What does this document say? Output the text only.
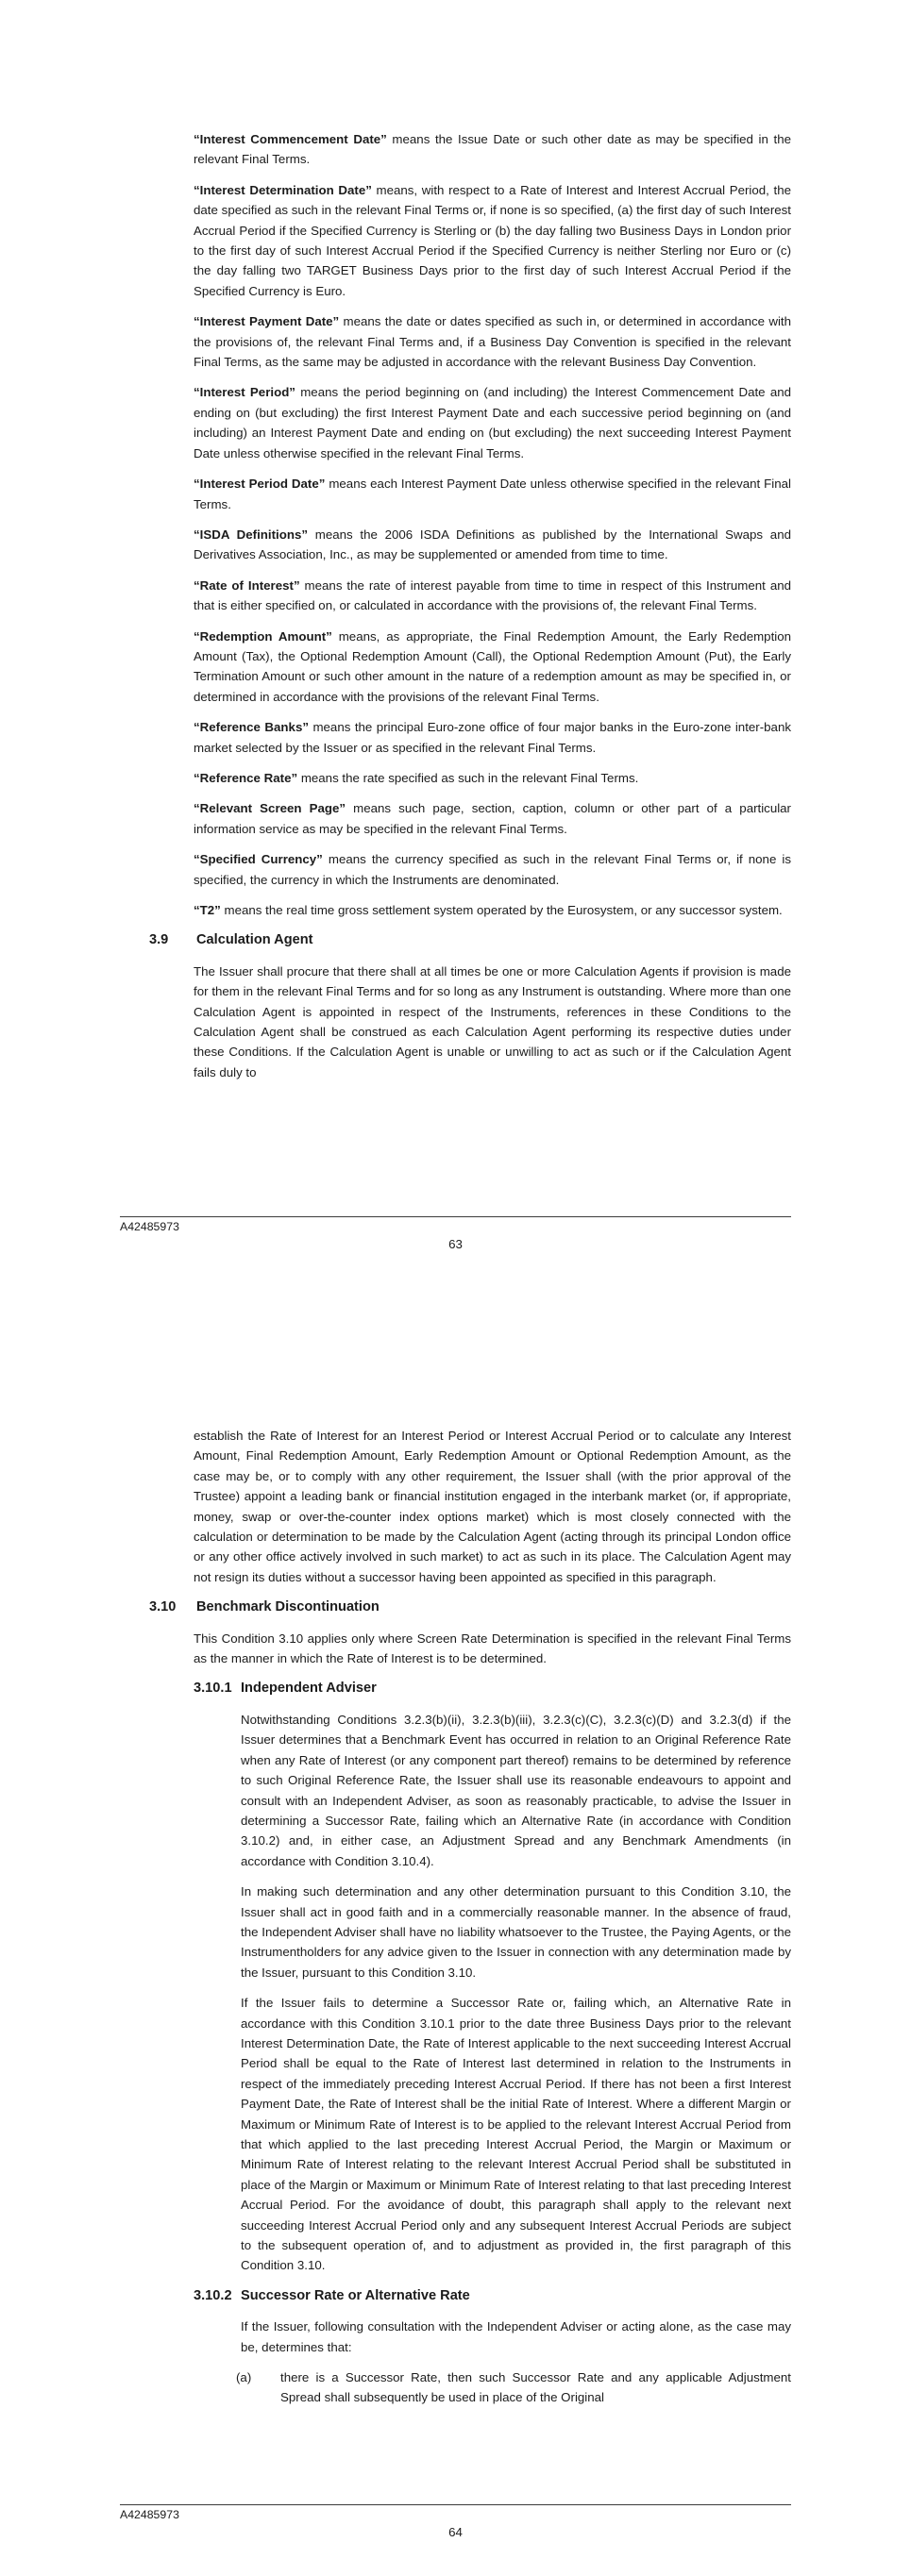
“Interest Commencement Date” means the Issue Date or such other date as may be specified in the relevant Final Terms.

“Interest Determination Date” means, with respect to a Rate of Interest and Interest Accrual Period, the date specified as such in the relevant Final Terms or, if none is so specified, (a) the first day of such Interest Accrual Period if the Specified Currency is Sterling or (b) the day falling two Business Days in London prior to the first day of such Interest Accrual Period if the Specified Currency is neither Sterling nor Euro or (c) the day falling two TARGET Business Days prior to the first day of such Interest Accrual Period if the Specified Currency is Euro.

“Interest Payment Date” means the date or dates specified as such in, or determined in accordance with the provisions of, the relevant Final Terms and, if a Business Day Convention is specified in the relevant Final Terms, as the same may be adjusted in accordance with the relevant Business Day Convention.

“Interest Period” means the period beginning on (and including) the Interest Commencement Date and ending on (but excluding) the first Interest Payment Date and each successive period beginning on (and including) an Interest Payment Date and ending on (but excluding) the next succeeding Interest Payment Date unless otherwise specified in the relevant Final Terms.

“Interest Period Date” means each Interest Payment Date unless otherwise specified in the relevant Final Terms.

“ISDA Definitions” means the 2006 ISDA Definitions as published by the International Swaps and Derivatives Association, Inc., as may be supplemented or amended from time to time.

“Rate of Interest” means the rate of interest payable from time to time in respect of this Instrument and that is either specified on, or calculated in accordance with the provisions of, the relevant Final Terms.

“Redemption Amount” means, as appropriate, the Final Redemption Amount, the Early Redemption Amount (Tax), the Optional Redemption Amount (Call), the Optional Redemption Amount (Put), the Early Termination Amount or such other amount in the nature of a redemption amount as may be specified in, or determined in accordance with the provisions of the relevant Final Terms.

“Reference Banks” means the principal Euro-zone office of four major banks in the Euro-zone inter-bank market selected by the Issuer or as specified in the relevant Final Terms.

“Reference Rate” means the rate specified as such in the relevant Final Terms.

“Relevant Screen Page” means such page, section, caption, column or other part of a particular information service as may be specified in the relevant Final Terms.

“Specified Currency” means the currency specified as such in the relevant Final Terms or, if none is specified, the currency in which the Instruments are denominated.

“T2” means the real time gross settlement system operated by the Eurosystem, or any successor system.

3.9	Calculation Agent

The Issuer shall procure that there shall at all times be one or more Calculation Agents if provision is made for them in the relevant Final Terms and for so long as any Instrument is outstanding. Where more than one Calculation Agent is appointed in respect of the Instruments, references in these Conditions to the Calculation Agent shall be construed as each Calculation Agent performing its respective duties under these Conditions. If the Calculation Agent is unable or unwilling to act as such or if the Calculation Agent fails duly to

A42485973
63

establish the Rate of Interest for an Interest Period or Interest Accrual Period or to calculate any Interest Amount, Final Redemption Amount, Early Redemption Amount or Optional Redemption Amount, as the case may be, or to comply with any other requirement, the Issuer shall (with the prior approval of the Trustee) appoint a leading bank or financial institution engaged in the interbank market (or, if appropriate, money, swap or over-the-counter index options market) which is most closely connected with the calculation or determination to be made by the Calculation Agent (acting through its principal London office or any other office actively involved in such market) to act as such in its place. The Calculation Agent may not resign its duties without a successor having been appointed as specified in this paragraph.

3.10	Benchmark Discontinuation

This Condition 3.10 applies only where Screen Rate Determination is specified in the relevant Final Terms as the manner in which the Rate of Interest is to be determined.

3.10.1 Independent Adviser

Notwithstanding Conditions 3.2.3(b)(ii), 3.2.3(b)(iii), 3.2.3(c)(C), 3.2.3(c)(D) and 3.2.3(d) if the Issuer determines that a Benchmark Event has occurred in relation to an Original Reference Rate when any Rate of Interest (or any component part thereof) remains to be determined by reference to such Original Reference Rate, the Issuer shall use its reasonable endeavours to appoint and consult with an Independent Adviser, as soon as reasonably practicable, to advise the Issuer in determining a Successor Rate, failing which an Alternative Rate (in accordance with Condition 3.10.2) and, in either case, an Adjustment Spread and any Benchmark Amendments (in accordance with Condition 3.10.4).

In making such determination and any other determination pursuant to this Condition 3.10, the Issuer shall act in good faith and in a commercially reasonable manner. In the absence of fraud, the Independent Adviser shall have no liability whatsoever to the Trustee, the Paying Agents, or the Instrumentholders for any advice given to the Issuer in connection with any determination made by the Issuer, pursuant to this Condition 3.10.

If the Issuer fails to determine a Successor Rate or, failing which, an Alternative Rate in accordance with this Condition 3.10.1 prior to the date three Business Days prior to the relevant Interest Determination Date, the Rate of Interest applicable to the next succeeding Interest Accrual Period shall be equal to the Rate of Interest last determined in relation to the Instruments in respect of the immediately preceding Interest Accrual Period. If there has not been a first Interest Payment Date, the Rate of Interest shall be the initial Rate of Interest. Where a different Margin or Maximum or Minimum Rate of Interest is to be applied to the relevant Interest Accrual Period from that which applied to the last preceding Interest Accrual Period, the Margin or Maximum or Minimum Rate of Interest relating to the relevant Interest Accrual Period shall be substituted in place of the Margin or Maximum or Minimum Rate of Interest relating to that last preceding Interest Accrual Period. For the avoidance of doubt, this paragraph shall apply to the relevant next succeeding Interest Accrual Period only and any subsequent Interest Accrual Periods are subject to the subsequent operation of, and to adjustment as provided in, the first paragraph of this Condition 3.10.

3.10.2 Successor Rate or Alternative Rate

If the Issuer, following consultation with the Independent Adviser or acting alone, as the case may be, determines that:

(a)	there is a Successor Rate, then such Successor Rate and any applicable Adjustment Spread shall subsequently be used in place of the Original
A42485973
64
